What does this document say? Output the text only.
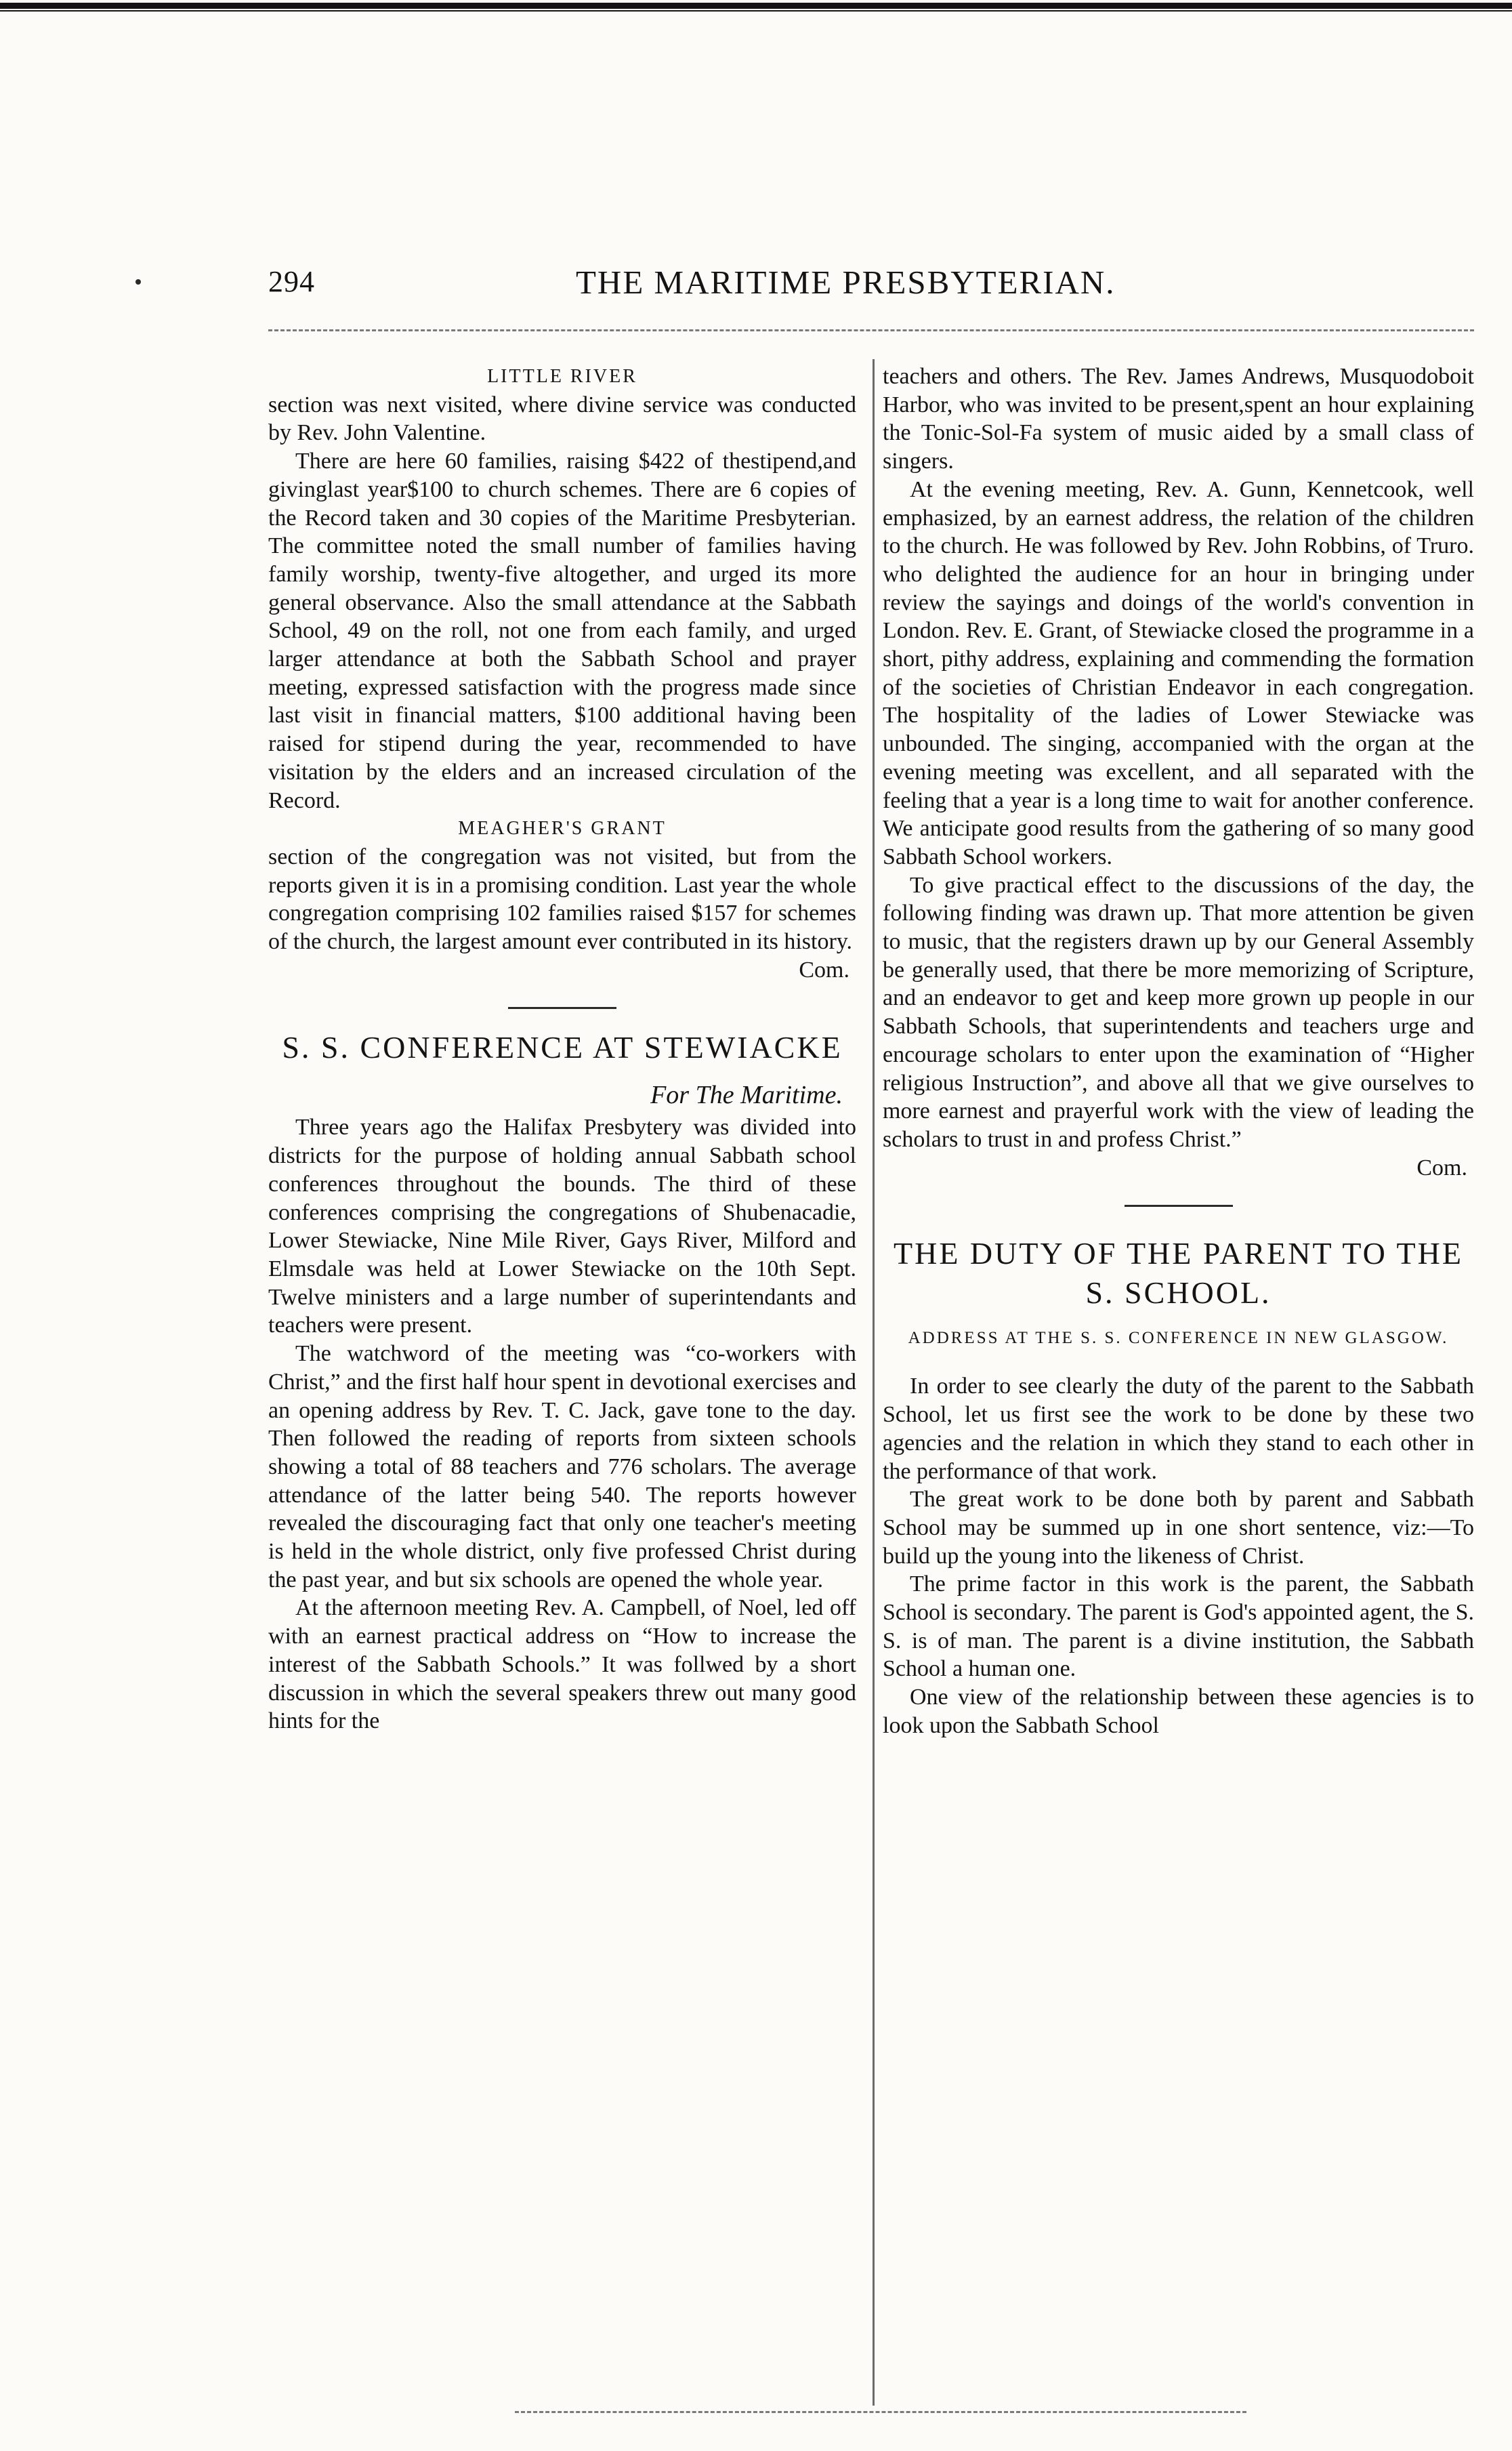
294	THE MARITIME PRESBYTERIAN.
LITTLE RIVER

section was next visited, where divine service was conducted by Rev. John Valentine.

There are here 60 families, raising $422 of thestipend,and givinglast year$100 to church schemes. There are 6 copies of the Record taken and 30 copies of the Maritime Presbyterian. The committee noted the small number of families having family worship, twenty-five altogether, and urged its more general observance. Also the small attendance at the Sabbath School, 49 on the roll, not one from each family, and urged larger attendance at both the Sabbath School and prayer meeting, expressed satisfaction with the progress made since last visit in financial matters, $100 additional having been raised for stipend during the year, recommended to have visitation by the elders and an increased circulation of the Record.

MEAGHER'S GRANT

section of the congregation was not visited, but from the reports given it is in a promising condition. Last year the whole congregation comprising 102 families raised $157 for schemes of the church, the largest amount ever contributed in its history.

Com.
S. S. CONFERENCE AT STEWIACKE
For The Maritime.

Three years ago the Halifax Presbytery was divided into districts for the purpose of holding annual Sabbath school conferences throughout the bounds. The third of these conferences comprising the congregations of Shubenacadie, Lower Stewiacke, Nine Mile River, Gays River, Milford and Elmsdale was held at Lower Stewiacke on the 10th Sept. Twelve ministers and a large number of superintendants and teachers were present.

The watchword of the meeting was “co-workers with Christ,” and the first half hour spent in devotional exercises and an opening address by Rev. T. C. Jack, gave tone to the day. Then followed the reading of reports from sixteen schools showing a total of 88 teachers and 776 scholars. The average attendance of the latter being 540. The reports however revealed the discouraging fact that only one teacher's meeting is held in the whole district, only five professed Christ during the past year, and but six schools are opened the whole year.

At the afternoon meeting Rev. A. Campbell, of Noel, led off with an earnest practical address on “How to increase the interest of the Sabbath Schools.” It was follwed by a short discussion in which the several speakers threw out many good hints for the

teachers and others. The Rev. James Andrews, Musquodoboit Harbor, who was invited to be present,spent an hour explaining the Tonic-Sol-Fa system of music aided by a small class of singers.

At the evening meeting, Rev. A. Gunn, Kennetcook, well emphasized, by an earnest address, the relation of the children to the church. He was followed by Rev. John Robbins, of Truro. who delighted the audience for an hour in bringing under review the sayings and doings of the world's convention in London. Rev. E. Grant, of Stewiacke closed the programme in a short, pithy address, explaining and commending the formation of the societies of Christian Endeavor in each congregation. The hospitality of the ladies of Lower Stewiacke was unbounded. The singing, accompanied with the organ at the evening meeting was excellent, and all separated with the feeling that a year is a long time to wait for another conference. We anticipate good results from the gathering of so many good Sabbath School workers.

To give practical effect to the discussions of the day, the following finding was drawn up. That more attention be given to music, that the registers drawn up by our General Assembly be generally used, that there be more memorizing of Scripture, and an endeavor to get and keep more grown up people in our Sabbath Schools, that superintendents and teachers urge and encourage scholars to enter upon the examination of “Higher religious Instruction”, and above all that we give ourselves to more earnest and prayerful work with the view of leading the scholars to trust in and profess Christ.”

Com.
THE DUTY OF THE PARENT TO THE S. SCHOOL.
ADDRESS AT THE S. S. CONFERENCE IN NEW GLASGOW.

In order to see clearly the duty of the parent to the Sabbath School, let us first see the work to be done by these two agencies and the relation in which they stand to each other in the performance of that work.

The great work to be done both by parent and Sabbath School may be summed up in one short sentence, viz:—To build up the young into the likeness of Christ.

The prime factor in this work is the parent, the Sabbath School is secondary. The parent is God's appointed agent, the S. S. is of man. The parent is a divine institution, the Sabbath School a human one.

One view of the relationship between these agencies is to look upon the Sabbath School
